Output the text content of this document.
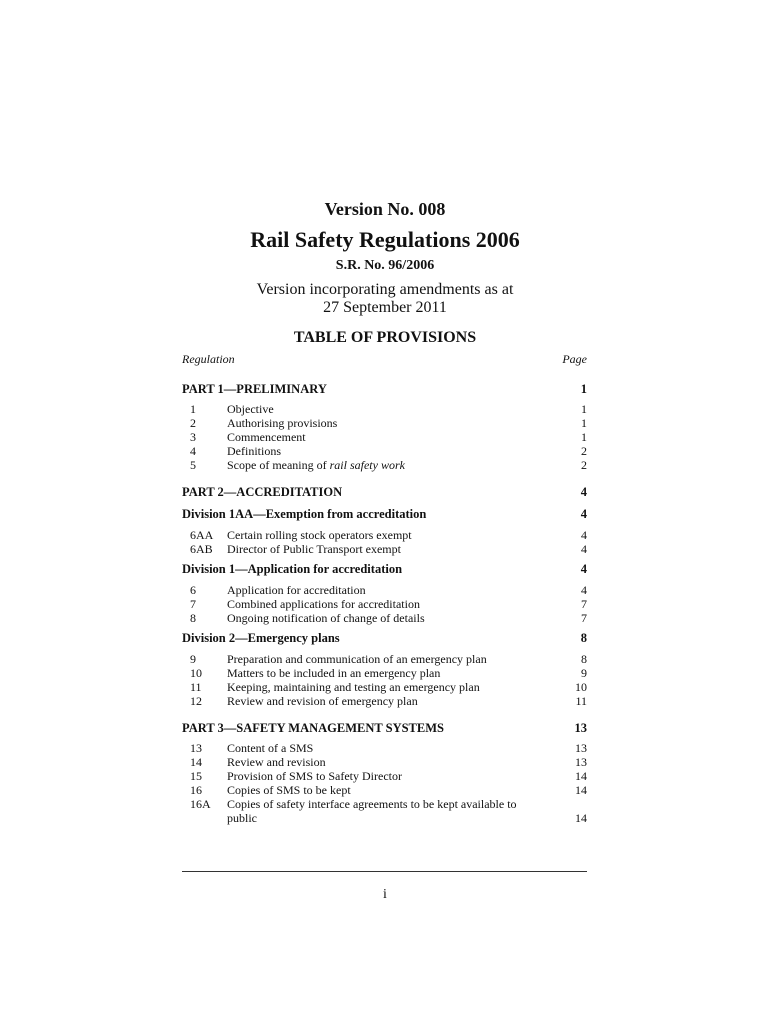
Version No. 008
Rail Safety Regulations 2006
S.R. No. 96/2006
Version incorporating amendments as at
27 September 2011
TABLE OF PROVISIONS
Regulation	Page
PART 1—PRELIMINARY	1
1	Objective	1
2	Authorising provisions	1
3	Commencement	1
4	Definitions	2
5	Scope of meaning of rail safety work	2
PART 2—ACCREDITATION	4
Division 1AA—Exemption from accreditation	4
6AA	Certain rolling stock operators exempt	4
6AB	Director of Public Transport exempt	4
Division 1—Application for accreditation	4
6	Application for accreditation	4
7	Combined applications for accreditation	7
8	Ongoing notification of change of details	7
Division 2—Emergency plans	8
9	Preparation and communication of an emergency plan	8
10	Matters to be included in an emergency plan	9
11	Keeping, maintaining and testing an emergency plan	10
12	Review and revision of emergency plan	11
PART 3—SAFETY MANAGEMENT SYSTEMS	13
13	Content of a SMS	13
14	Review and revision	13
15	Provision of SMS to Safety Director	14
16	Copies of SMS to be kept	14
16A	Copies of safety interface agreements to be kept available to
public	14
i
